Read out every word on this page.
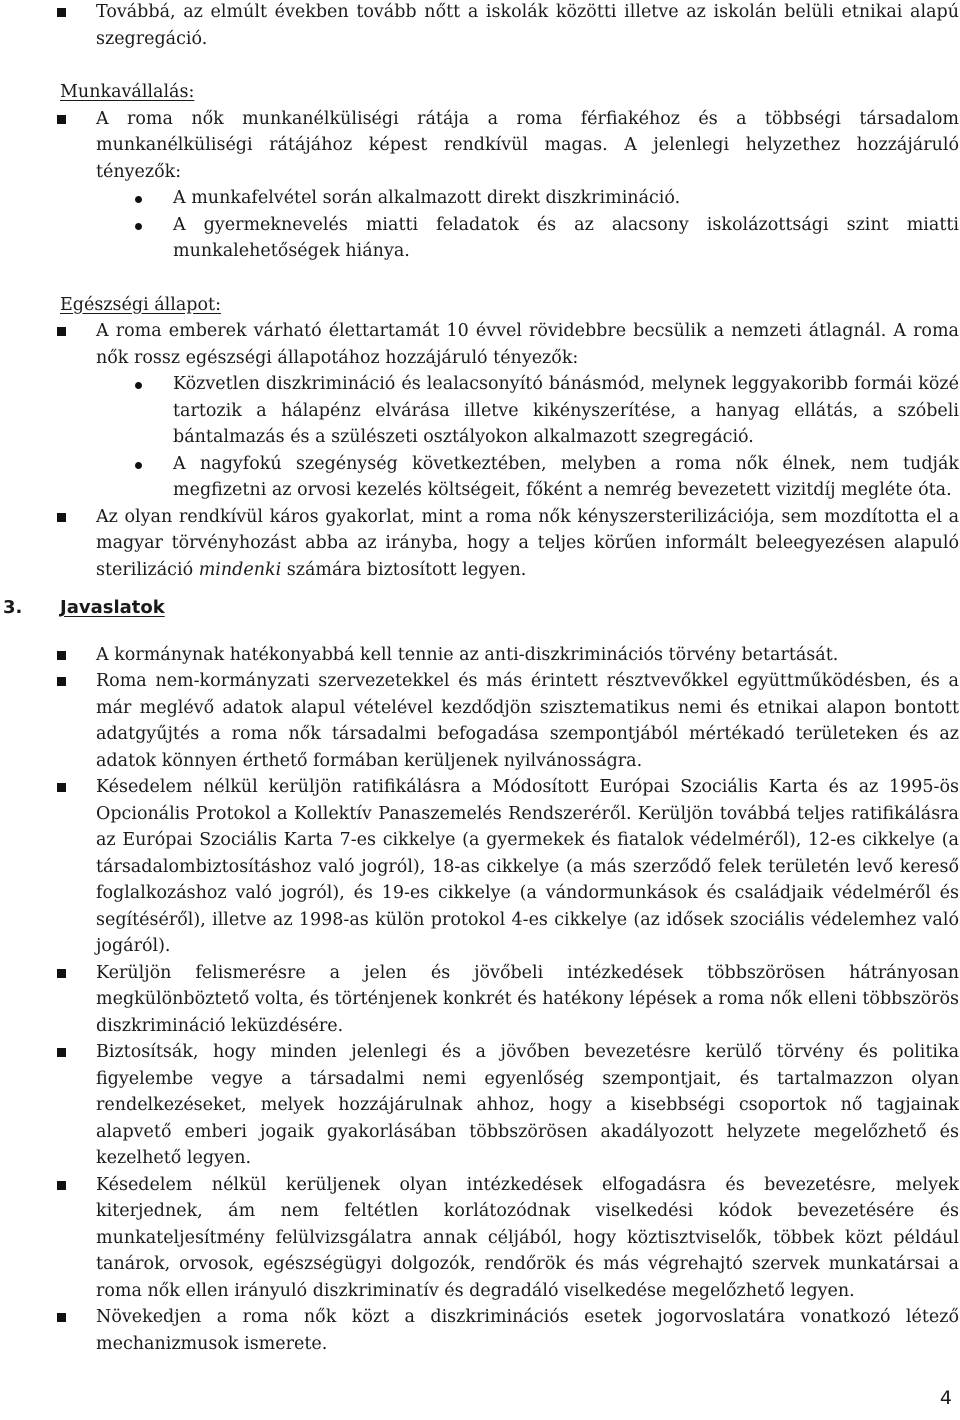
Továbbá, az elmúlt években tovább nőtt a iskolák közötti illetve az iskolán belüli etnikai alapú szegregáció.
Munkavállalás:
A roma nők munkanélküliségi rátája a roma férfiakéhoz és a többségi társadalom munkanélküliségi rátájához képest rendkívül magas. A jelenlegi helyzethez hozzájáruló tényezők:
A munkafelvétel során alkalmazott direkt diszkrimináció.
A gyermeknevelés miatti feladatok és az alacsony iskolázottsági szint miatti munkalehetőségek hiánya.
Egészségi állapot:
A roma emberek várható élettartamát 10 évvel rövidebbre becsülik a nemzeti átlagnál. A roma nők rossz egészségi állapotához hozzájáruló tényezők:
Közvetlen diszkrimináció és lealacsonyító bánásmód, melynek leggyakoribb formái közé tartozik a hálapénz elvárása illetve kikényszerítése, a hanyag ellátás, a szóbeli bántalmazás és a szülészeti osztályokon alkalmazott szegregáció.
A nagyfokú szegénység következtében, melyben a roma nők élnek, nem tudják megfizetni az orvosi kezelés költségeit, főként a nemrég bevezetett vizitdíj megléte óta.
Az olyan rendkívül káros gyakorlat, mint a roma nők kényszersterilizációja, sem mozdította el a magyar törvényhozást abba az irányba, hogy a teljes körűen informált beleegyezésen alapuló sterilizáció mindenki számára biztosított legyen.
3. Javaslatok
A kormánynak hatékonyabbá kell tennie az anti-diszkriminációs törvény betartását.
Roma nem-kormányzati szervezetekkel és más érintett résztvevőkkel együttműködésben, és a már meglévő adatok alapul vételével kezdődjön szisztematikus nemi és etnikai alapon bontott adatgyűjtés a roma nők társadalmi befogadása szempontjából mértékadó területeken és az adatok könnyen érthető formában kerüljenek nyilvánosságra.
Késedelem nélkül kerüljön ratifikálásra a Módosított Európai Szociális Karta és az 1995-ös Opcionális Protokol a Kollektív Panaszemelés Rendszeréről. Kerüljön továbbá teljes ratifikálásra az Európai Szociális Karta 7-es cikkelye (a gyermekek és fiatalok védelméről), 12-es cikkelye (a társadalombiztosításhoz való jogról), 18-as cikkelye (a más szerződő felek területén levő kereső foglalkozáshoz való jogról), és 19-es cikkelye (a vándormunkások és családjaik védelméről és segítéséről), illetve az 1998-as külön protokol 4-es cikkelye (az idősek szociális védelemhez való jogáról).
Kerüljön felismerésre a jelen és jövőbeli intézkedések többszörösen hátrányosan megkülönböztető volta, és történjenek konkrét és hatékony lépések a roma nők elleni többszörös diszkrimináció leküzdésére.
Biztosítsák, hogy minden jelenlegi és a jövőben bevezetésre kerülő törvény és politika figyelembe vegye a társadalmi nemi egyenlőség szempontjait, és tartalmazzon olyan rendelkezéseket, melyek hozzájárulnak ahhoz, hogy a kisebbségi csoportok nő tagjainak alapvető emberi jogaik gyakorlásában többszörösen akadályozott helyzete megelőzhető és kezelhető legyen.
Késedelem nélkül kerüljenek olyan intézkedések elfogadásra és bevezetésre, melyek kiterjednek, ám nem feltétlen korlátozódnak viselkedési kódok bevezetésére és munkateljesítmény felülvizsgálatra annak céljából, hogy köztisztviselők, többek közt például tanárok, orvosok, egészségügyi dolgozók, rendőrök és más végrehajtó szervek munkatársai a roma nők ellen irányuló diszkriminatív és degradáló viselkedése megelőzhető legyen.
Növekedjen a roma nők közt a diszkriminációs esetek jogorvoslatára vonatkozó létező mechanizmusok ismerete.
4
